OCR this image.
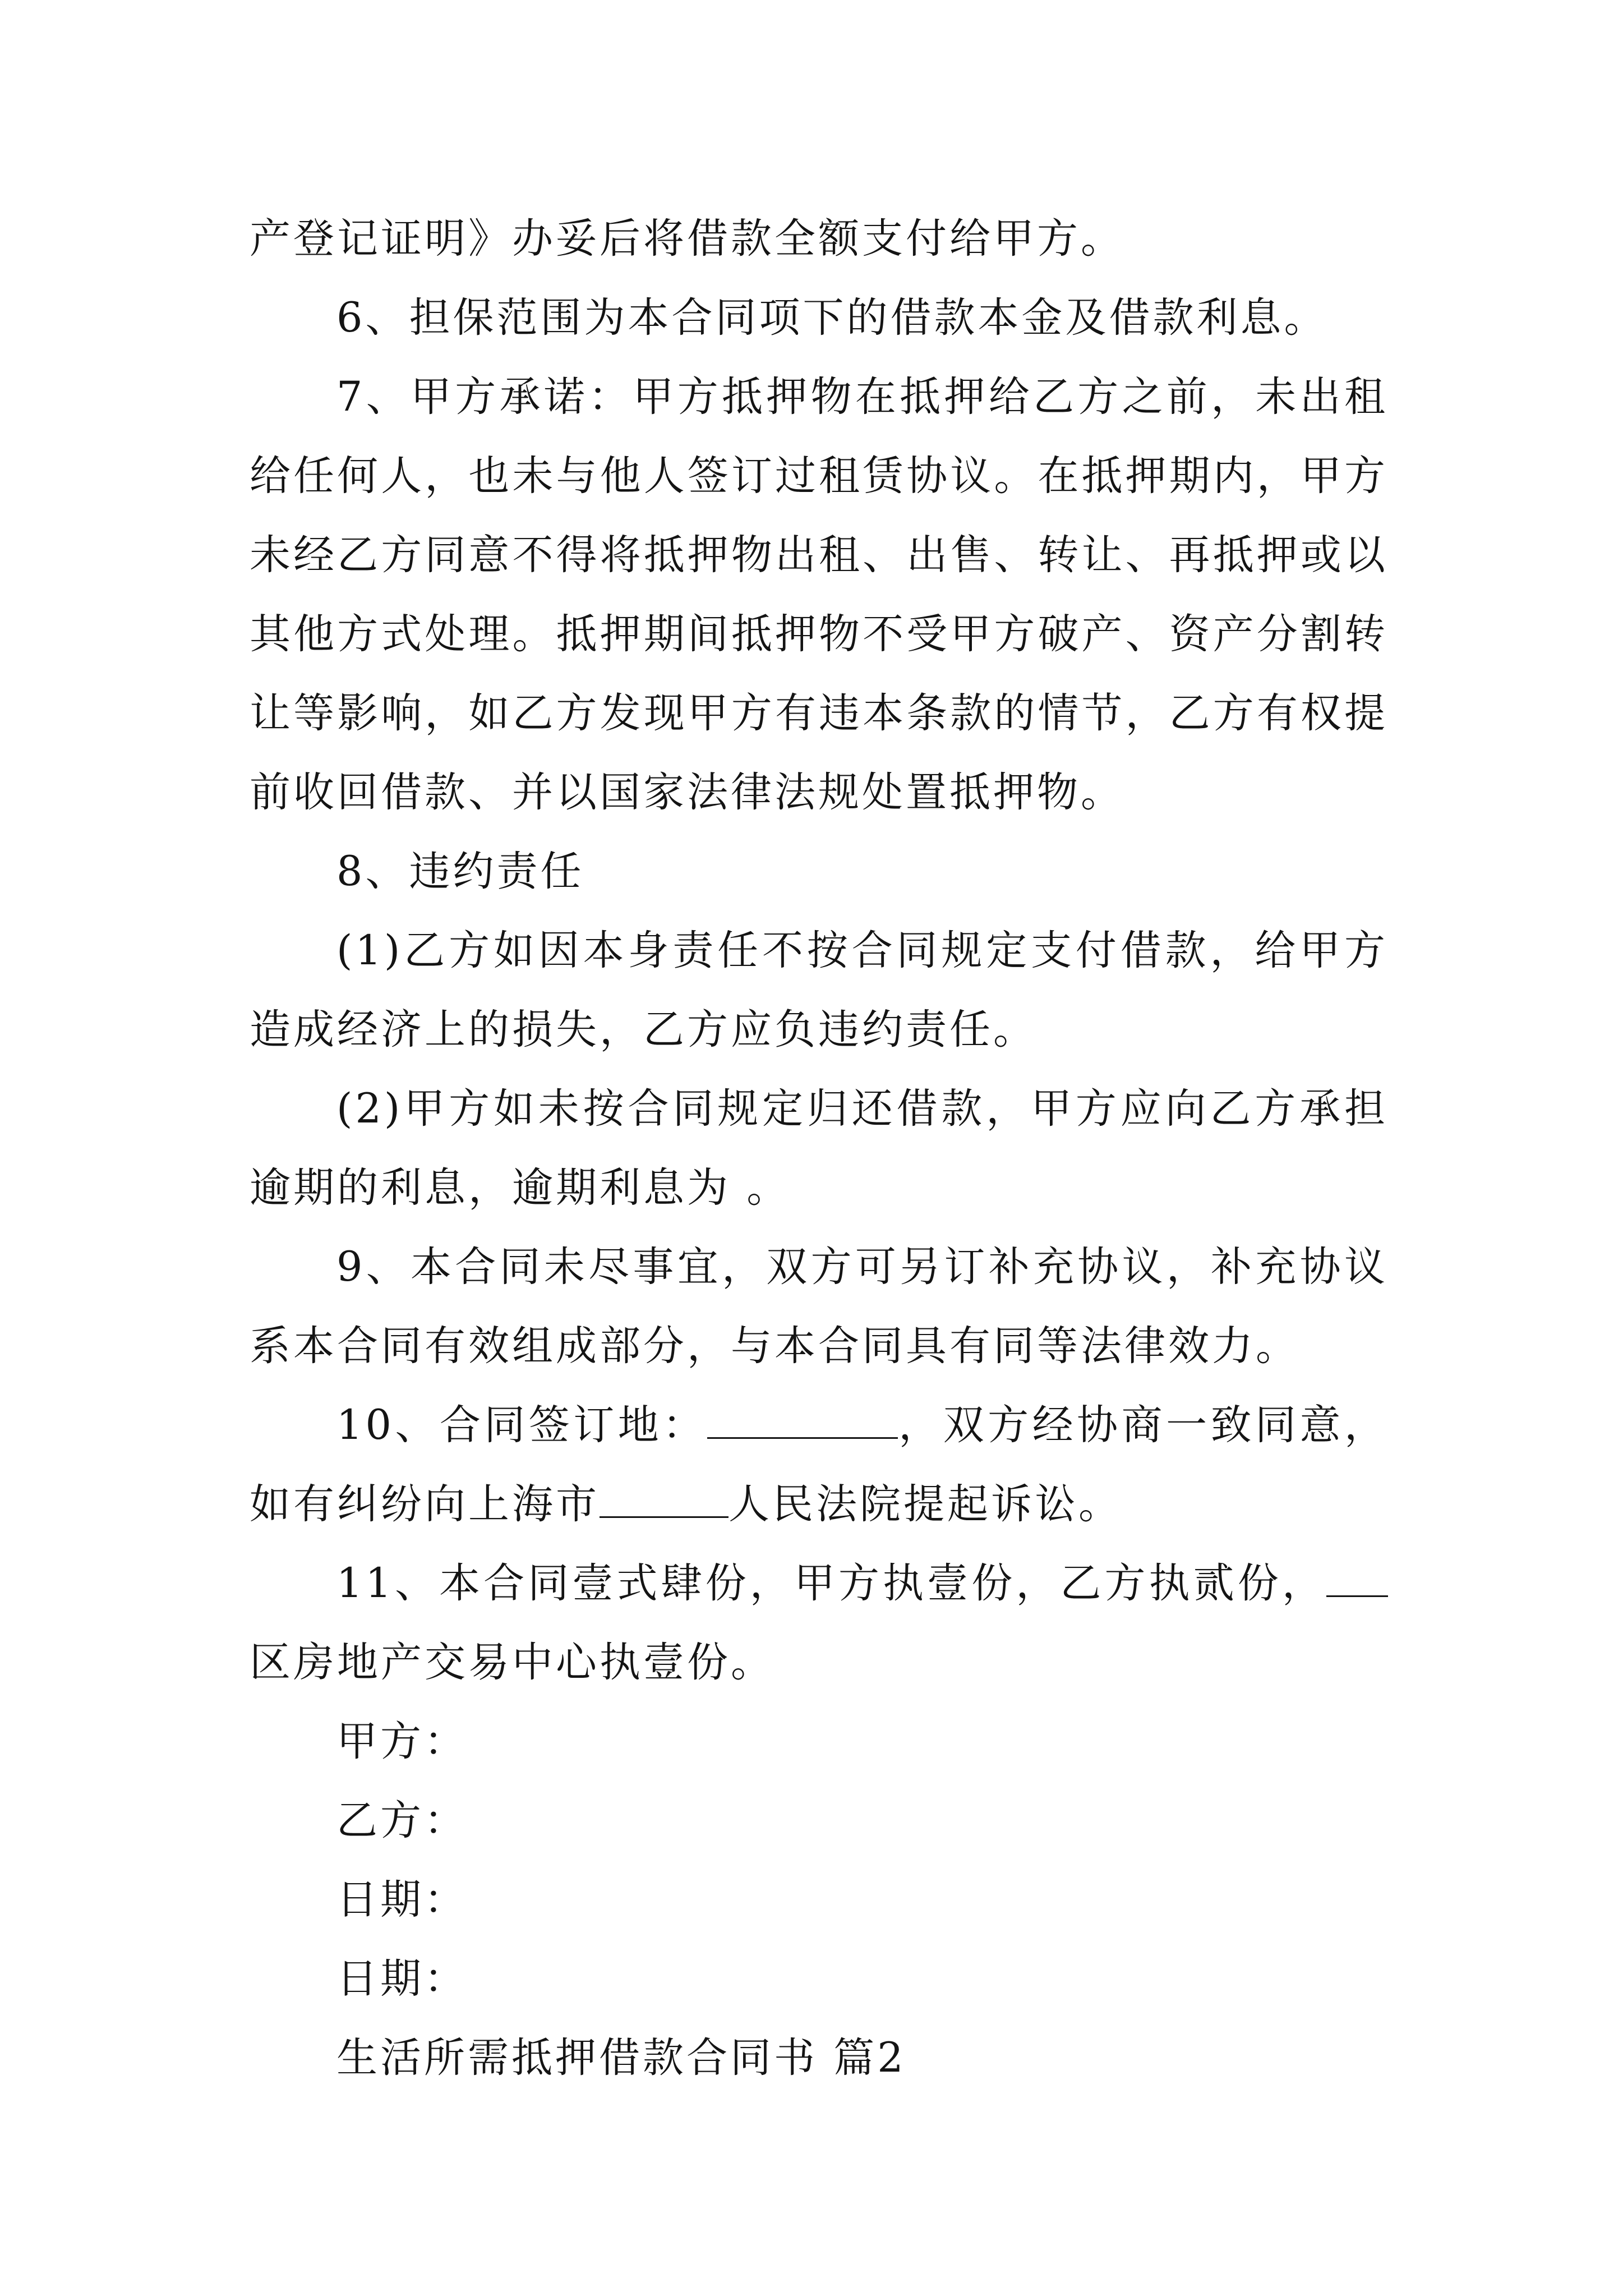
产登记证明》办妥后将借款全额支付给甲方。

6、担保范围为本合同项下的借款本金及借款利息。

7、甲方承诺：甲方抵押物在抵押给乙方之前，未出租给任何人，也未与他人签订过租赁协议。在抵押期内，甲方未经乙方同意不得将抵押物出租、出售、转让、再抵押或以其他方式处理。抵押期间抵押物不受甲方破产、资产分割转让等影响，如乙方发现甲方有违本条款的情节，乙方有权提前收回借款、并以国家法律法规处置抵押物。

8、违约责任

(1)乙方如因本身责任不按合同规定支付借款，给甲方造成经济上的损失，乙方应负违约责任。

(2)甲方如未按合同规定归还借款，甲方应向乙方承担逾期的利息，逾期利息为 。

9、本合同未尽事宜，双方可另订补充协议，补充协议系本合同有效组成部分，与本合同具有同等法律效力。

10、合同签订地：	，双方经协商一致同意，如有纠纷向上海市	人民法院提起诉讼。

11、本合同壹式肆份，甲方执壹份，乙方执贰份，区房地产交易中心执壹份。

甲方：

乙方：

日期：

日期：

生活所需抵押借款合同书 篇2
